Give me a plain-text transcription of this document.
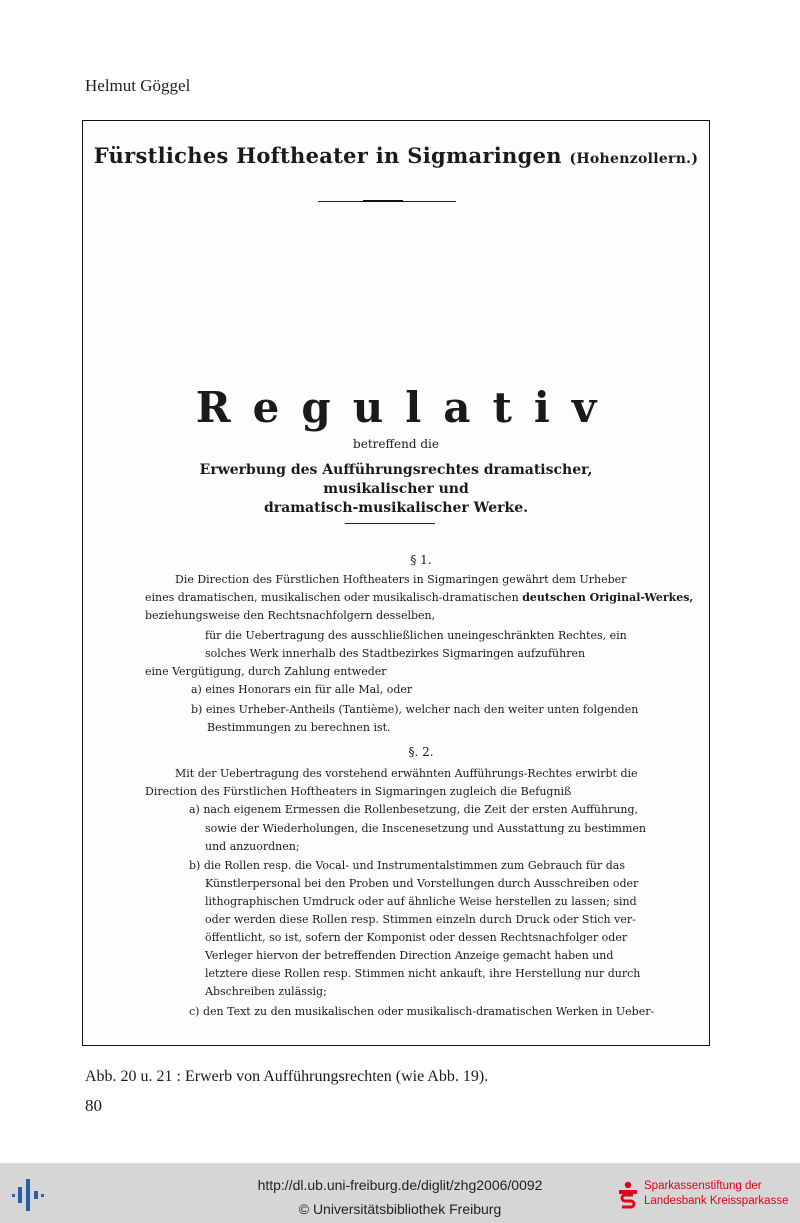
Helmut Göggel
Fürstliches Hoftheater in Sigmaringen (Hohenzollern.)
Regulativ
betreffend die
Erwerbung des Aufführungsrechtes dramatischer, musikalischer und
dramatisch-musikalischer Werke.
§ 1.
Die Direction des Fürstlichen Hoftheaters in Sigmaringen gewährt dem Urheber
eines dramatischen, musikalischen oder musikalisch-dramatischen deutschen Original-Werkes,
beziehungsweise den Rechtsnachfolgern desselben,
für die Uebertragung des ausschließlichen uneingeschränkten Rechtes, ein
solches Werk innerhalb des Stadtbezirkes Sigmaringen aufzuführen
eine Vergütigung, durch Zahlung entweder
a) eines Honorars ein für alle Mal, oder
b) eines Urheber-Antheils (Tantième), welcher nach den weiter unten folgenden
Bestimmungen zu berechnen ist.
§. 2.
Mit der Uebertragung des vorstehend erwähnten Aufführungs-Rechtes erwirbt die
Direction des Fürstlichen Hoftheaters in Sigmaringen zugleich die Befugniß
a) nach eigenem Ermessen die Rollenbesetzung, die Zeit der ersten Aufführung,
sowie der Wiederholungen, die Inscenesetzung und Ausstattung zu bestimmen
und anzuordnen;
b) die Rollen resp. die Vocal- und Instrumentalstimmen zum Gebrauch für das
Künstlerpersonal bei den Proben und Vorstellungen durch Ausschreiben oder
lithographischen Umdruck oder auf ähnliche Weise herstellen zu lassen; sind
oder werden diese Rollen resp. Stimmen einzeln durch Druck oder Stich ver-
öffentlicht, so ist, sofern der Komponist oder dessen Rechtsnachfolger oder
Verleger hiervon der betreffenden Direction Anzeige gemacht haben und
letztere diese Rollen resp. Stimmen nicht ankauft, ihre Herstellung nur durch
Abschreiben zulässig;
c) den Text zu den musikalischen oder musikalisch-dramatischen Werken in Ueber-
Abb. 20 u. 21 : Erwerb von Aufführungsrechten (wie Abb. 19).
80
http://dl.ub.uni-freiburg.de/diglit/zhg2006/0092
© Universitätsbibliothek Freiburg
Sparkassenstiftung der
Landesbank Kreissparkasse
